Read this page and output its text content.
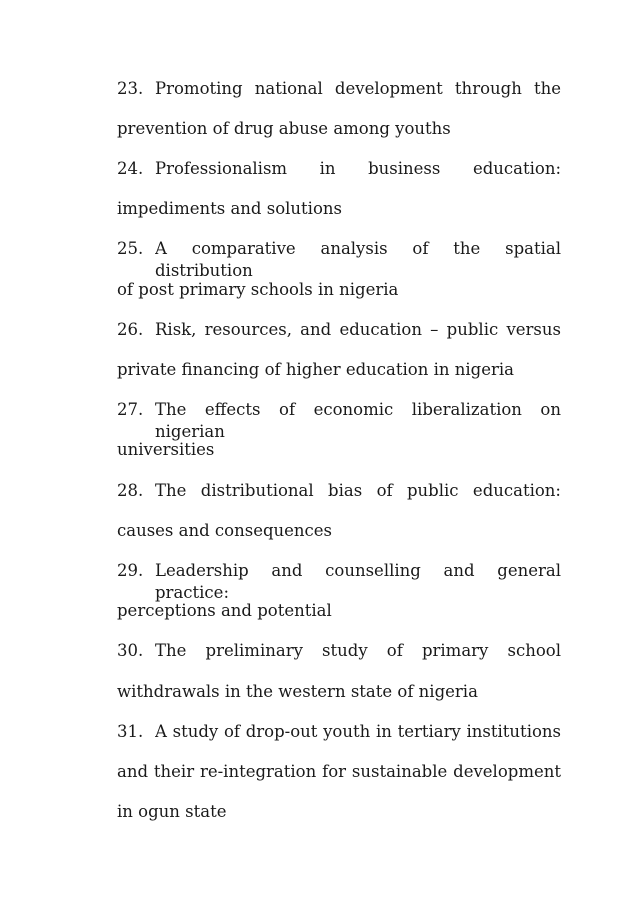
23. Promoting national development through the
prevention of drug abuse among youths
24. Professionalism in business education:
impediments and solutions
25. A comparative analysis of the spatial distribution
of post primary schools in nigeria
26. Risk, resources, and education – public versus
private financing of higher education in nigeria
27. The effects of economic liberalization on nigerian
universities
28. The distributional bias of public education:
causes and consequences
29. Leadership and counselling and general practice:
perceptions and potential
30. The preliminary study of primary school
withdrawals in the western state of nigeria
31. A study of drop-out youth in tertiary institutions
and their re-integration for sustainable development
in ogun state
